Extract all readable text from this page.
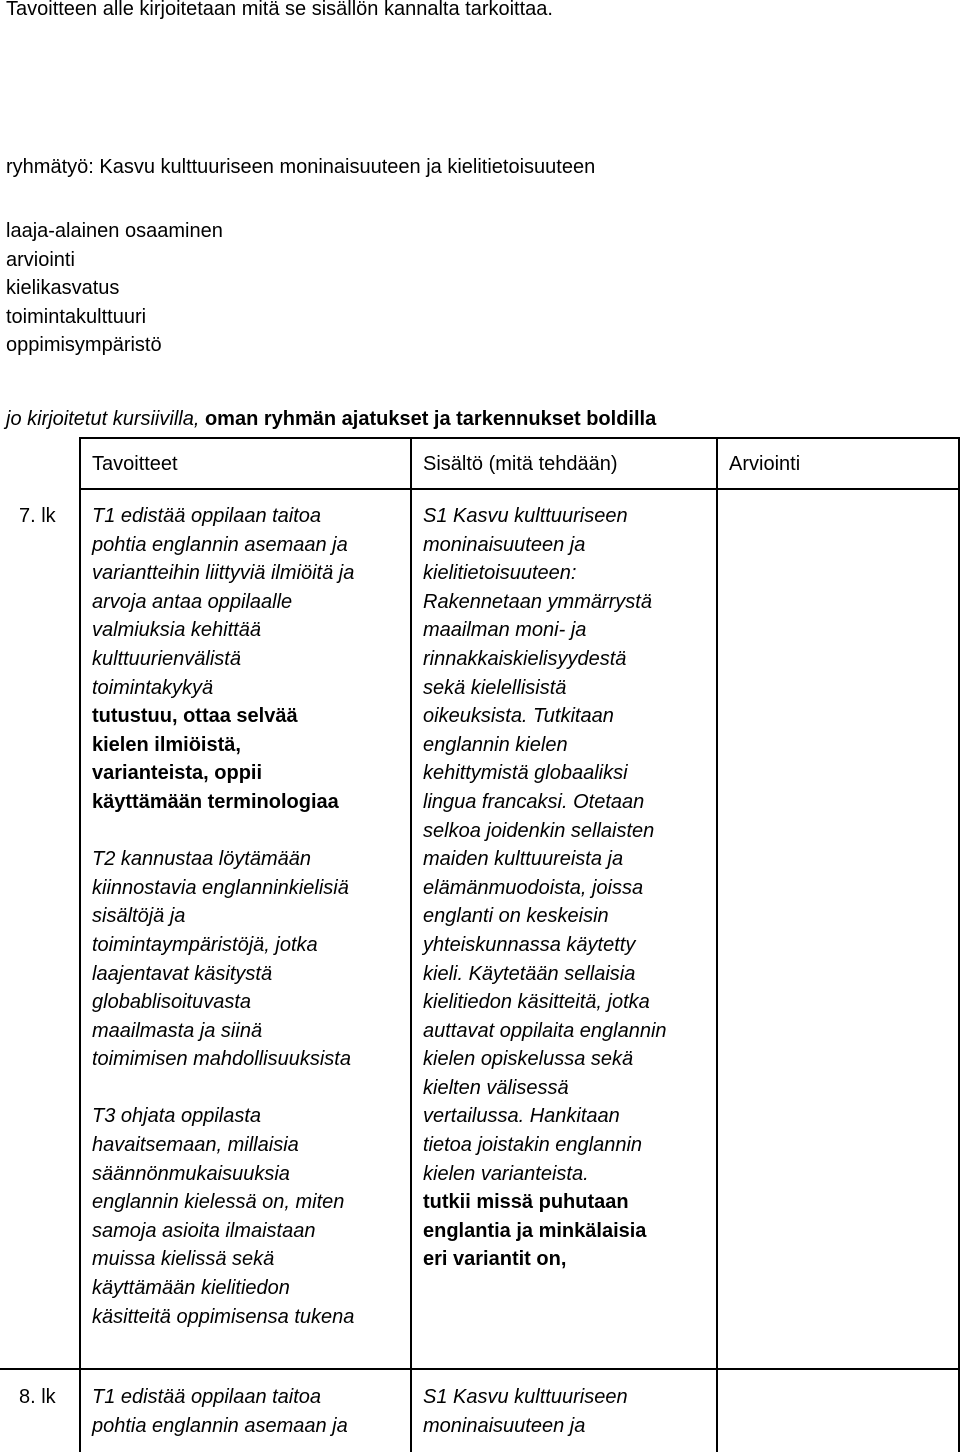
Tavoitteen alle kirjoitetaan mitä se sisällön kannalta tarkoittaa.
ryhmätyö: Kasvu kulttuuriseen moninaisuuteen ja kielitietoisuuteen
laaja-alainen osaaminen
arviointi
kielikasvatus
toimintakulttuuri
oppimisympäristö
jo kirjoitetut kursiivilla, oman ryhmän ajatukset ja tarkennukset boldilla
Tavoitteet	Sisältö (mitä tehdään)	Arviointi
7. lk T1 edistää oppilaan taitoa
pohtia englannin asemaan ja
variantteihin liittyviä ilmiöitä ja
arvoja antaa oppilaalle
valmiuksia kehittää
kulttuurienvälistä
toimintakykyä
tutustuu, ottaa selvää
kielen ilmiöistä,
varianteista, oppii
käyttämään terminologiaa
T2 kannustaa löytämään
kiinnostavia englanninkielisiä
sisältöjä ja
toimintaympäristöjä, jotka
laajentavat käsitystä
globablisoituvasta
maailmasta ja siinä
toimimisen mahdollisuuksista
T3 ohjata oppilasta
havaitsemaan, millaisia
säännönmukaisuuksia
englannin kielessä on, miten
samoja asioita ilmaistaan
muissa kielissä sekä
käyttämään kielitiedon
käsitteitä oppimisensa tukena
S1 Kasvu kulttuuriseen
moninaisuuteen ja
kielitietoisuuteen:
Rakennetaan ymmärrystä
maailman moni- ja
rinnakkaiskielisyydestä
sekä kielellisistä
oikeuksista. Tutkitaan
englannin kielen
kehittymistä globaaliksi
lingua francaksi. Otetaan
selkoa joidenkin sellaisten
maiden kulttuureista ja
elämänmuodoista, joissa
englanti on keskeisin
yhteiskunnassa käytetty
kieli. Käytetään sellaisia
kielitiedon käsitteitä, jotka
auttavat oppilaita englannin
kielen opiskelussa sekä
kielten välisessä
vertailussa. Hankitaan
tietoa joistakin englannin
kielen varianteista.
tutkii missä puhutaan
englantia ja minkälaisia
eri variantit on,
8. lk T1 edistää oppilaan taitoa
pohtia englannin asemaan ja
S1 Kasvu kulttuuriseen
moninaisuuteen ja
